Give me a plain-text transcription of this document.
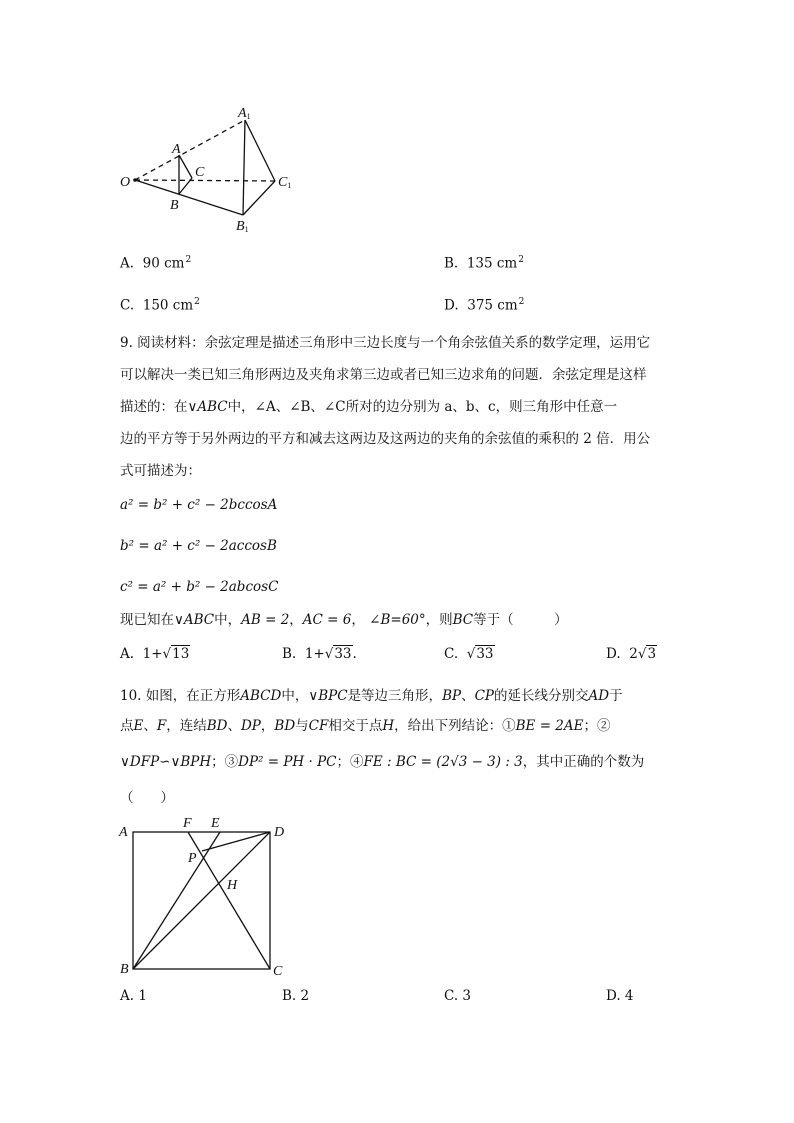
A1
A
C
O	C1
B
B1
A. 90 $cm^2$	B. 135 $cm^2$
C. 150 $cm^2$	D. 375 $cm^2$
9. 阅读材料：余弦定理是描述三角形中三边长度与一个角余弦值关系的数学定理，运用它
可以解决一类已知三角形两边及夹角求第三边或者已知三边求角的问题．余弦定理是这样
描述的：在∨ABC中，∠A、∠B、∠C所对的边分别为 a、b、c，则三角形中任意一
边的平方等于另外两边的平方和减去这两边及这两边的夹角的余弦值的乘积的 2 倍．用公
式可描述为：
a² = b² + c² − 2bccosA
b² = a² + c² − 2accosB
c² = a² + b² − 2abcosC
现已知在∨ABC中，AB = 2，AC = 6， ∠B=60°，则BC等于（　　　）
A. 1+√13	B. 1+√33.	C. √33	D. 2√3
10. 如图，在正方形ABCD中，∨BPC是等边三角形，BP、CP的延长线分别交AD于
点E、F，连结BD、DP，BD与CF相交于点H，给出下列结论：①BE = 2AE；②
∨DFP∽∨BPH；③DP² = PH · PC；④FE : BC = (2√3 − 3) : 3，其中正确的个数为
（　　）
A
F E
D
P
H
B	C
A. 1	B. 2	C. 3	D. 4
